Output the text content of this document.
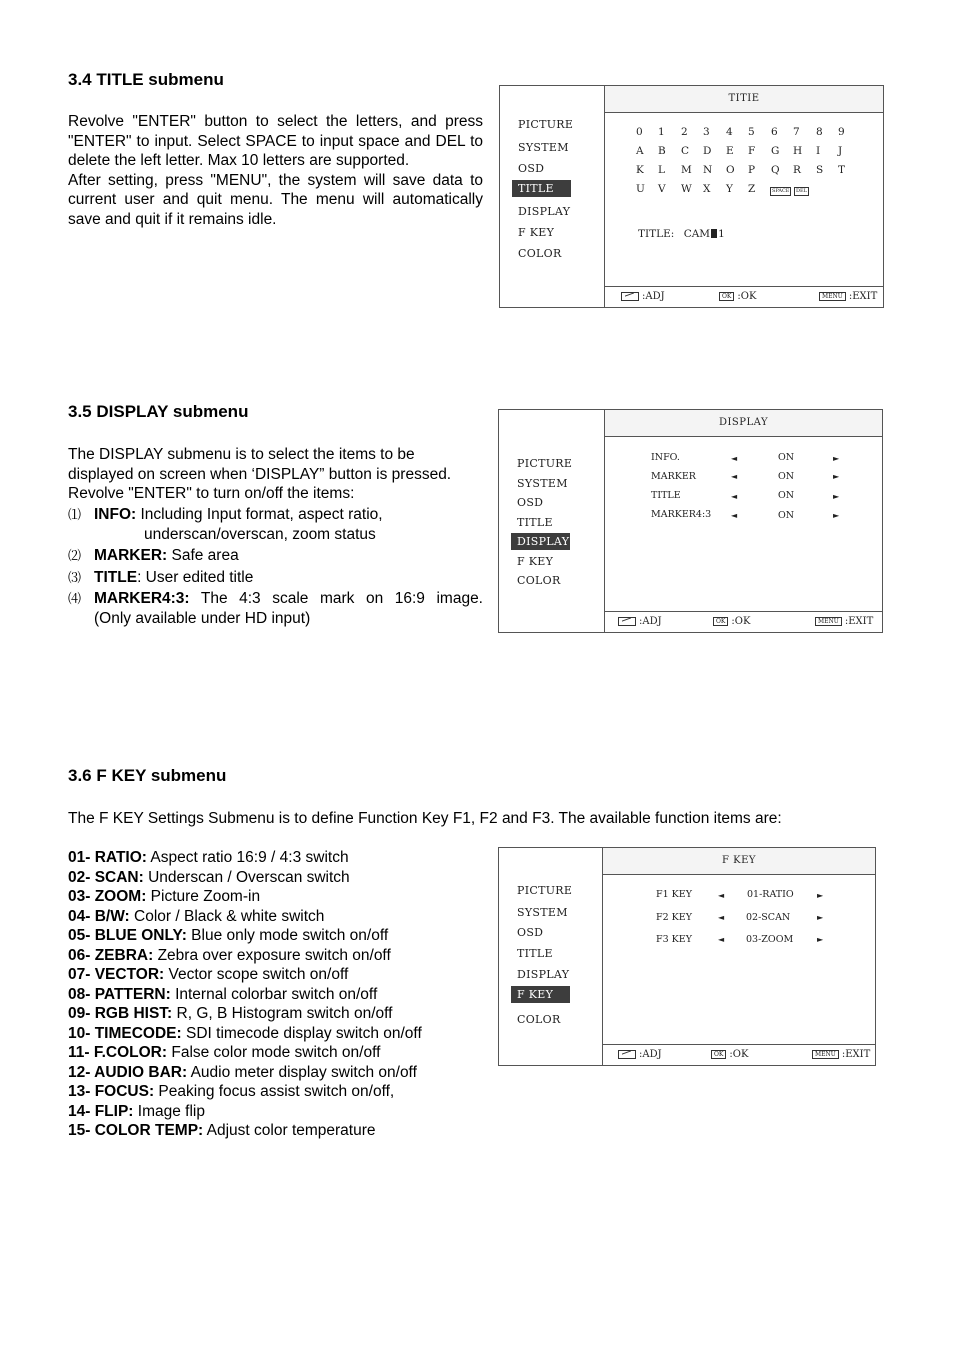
3.4 TITLE submenu
Revolve "ENTER" button to select the letters, and press "ENTER" to input. Select SPACE to input space and DEL to delete the left letter. Max 10 letters are supported.
After setting, press "MENU", the system will save data to current user and quit menu. The menu will automatically save and quit if it remains idle.
PICTURE
SYSTEM
OSD
TITLE
DISPLAY
F KEY
COLOR
TITIE
0 1 2 3 4 5 6 7 8 9
A B C D E F G H I J
K L M N O P Q R S T
U V W X Y Z	SPACE	DEL
TITLE: CAM 1
:ADJ	OK :OK	MENU :EXIT
3.5 DISPLAY submenu
The DISPLAY submenu is to select the items to be
displayed on screen when ‘DISPLAY” button is pressed.
Revolve "ENTER" to turn on/off the items:
⑴ INFO: Including Input format, aspect ratio,
underscan/overscan, zoom status
⑵ MARKER: Safe area
⑶ TITLE: User edited title
⑷ MARKER4:3: The 4:3 scale mark on 16:9 image.
(Only available under HD input)
PICTURE
SYSTEM
OSD
TITLE
DISPLAY
F KEY
COLOR
DISPLAY
INFO.	◄	ON	►
MARKER	◄	ON	►
TITLE	◄	ON	►
MARKER4:3 ◄	ON	►
:ADJ	OK :OK	MENU :EXIT
3.6 F KEY submenu
The F KEY Settings Submenu is to define Function Key F1, F2 and F3. The available function items are:
01- RATIO: Aspect ratio 16:9 / 4:3 switch
02- SCAN: Underscan / Overscan switch
03- ZOOM: Picture Zoom-in
04- B/W: Color / Black & white switch
05- BLUE ONLY: Blue only mode switch on/off
06- ZEBRA: Zebra over exposure switch on/off
07- VECTOR: Vector scope switch on/off
08- PATTERN: Internal colorbar switch on/off
09- RGB HIST: R, G, B Histogram switch on/off
10- TIMECODE: SDI timecode display switch on/off
11- F.COLOR: False color mode switch on/off
12- AUDIO BAR: Audio meter display switch on/off
13- FOCUS: Peaking focus assist switch on/off,
14- FLIP: Image flip
15- COLOR TEMP: Adjust color temperature
PICTURE
SYSTEM
OSD
TITLE
DISPLAY
F KEY
COLOR
F KEY
F1 KEY	◄ 01-RATIO	►
F2 KEY	◄ 02-SCAN	►
F3 KEY	◄ 03-ZOOM	►
:ADJ	OK :OK	MENU :EXIT
